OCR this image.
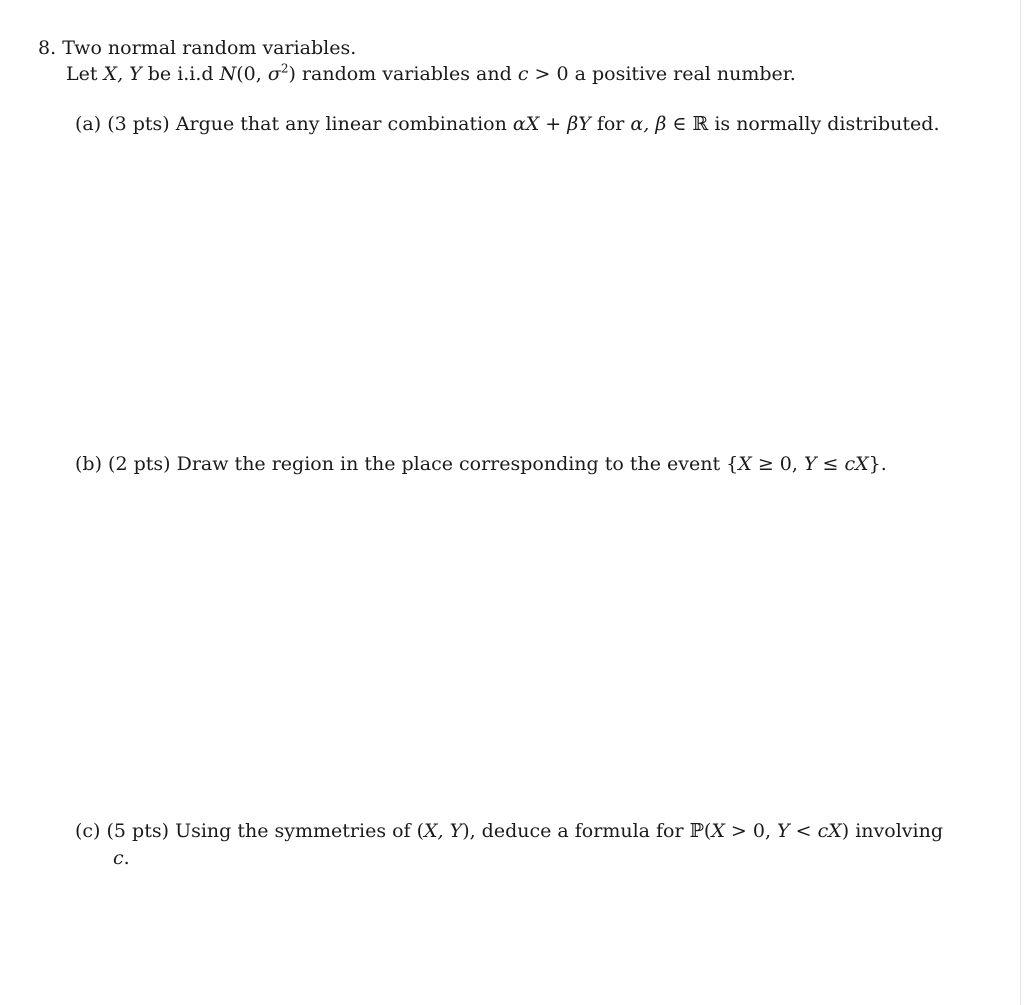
8. Two normal random variables.
Let X, Y be i.i.d N(0, $\sigma^2$) random variables and c > 0 a positive real number.
(a) (3 pts) Argue that any linear combination αX + βY for α, β ∈ ℝ is normally distributed.
(b) (2 pts) Draw the region in the place corresponding to the event {X ≥ 0, Y ≤ cX}.
(c) (5 pts) Using the symmetries of (X, Y), deduce a formula for ℙ(X > 0, Y < cX) involving
c.
